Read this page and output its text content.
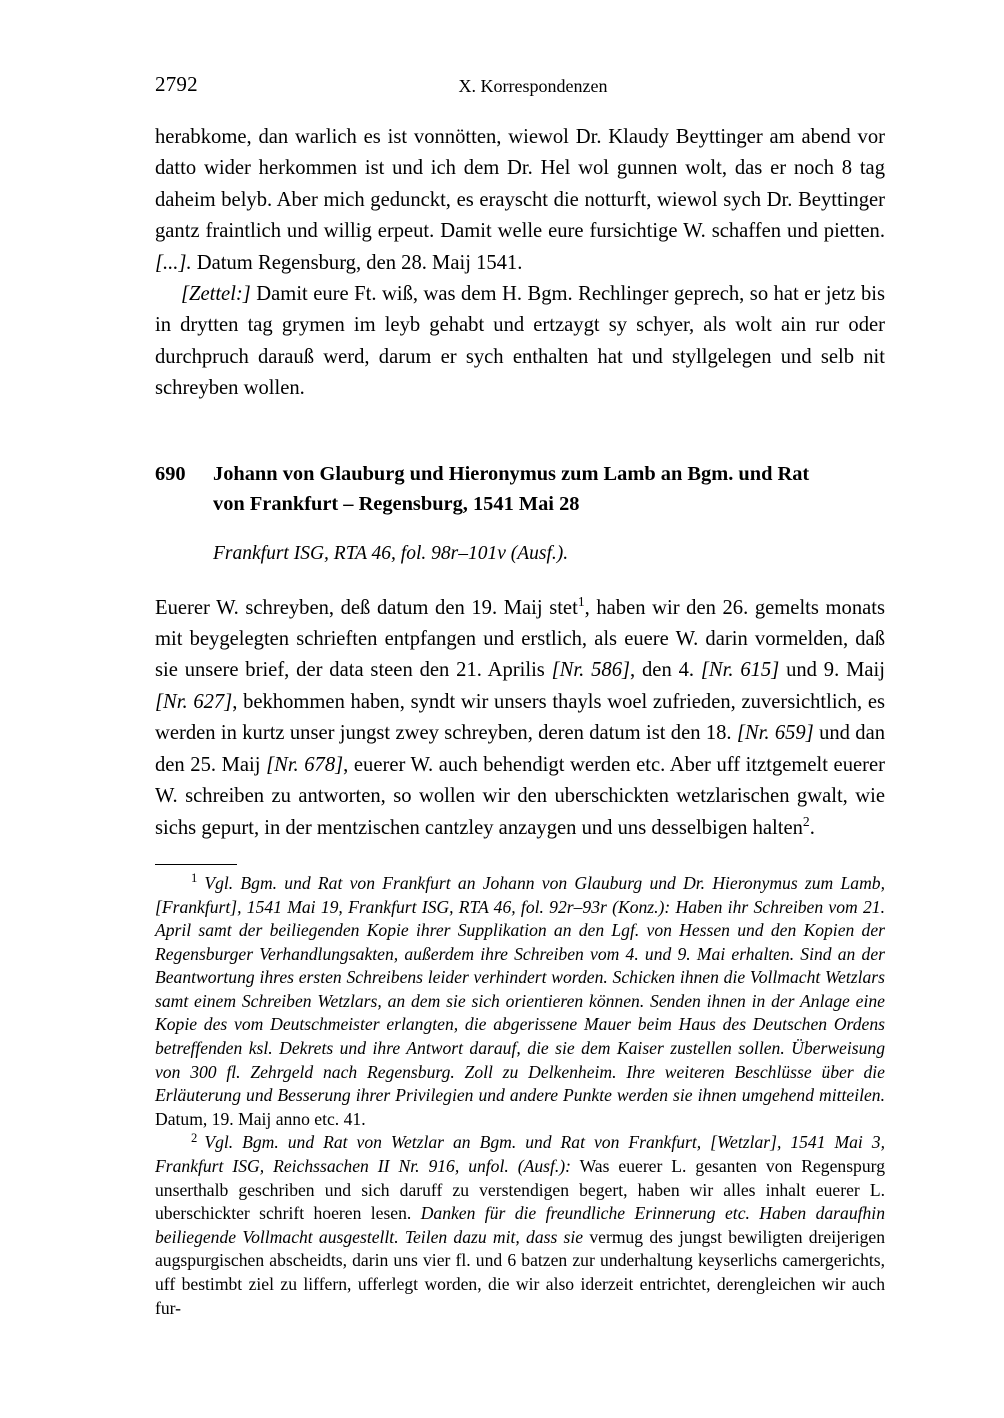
2792	X. Korrespondenzen

herabkome, dan warlich es ist vonnötten, wiewol Dr. Klaudy Beyttinger am abend vor datto wider herkommen ist und ich dem Dr. Hel wol gunnen wolt, das er noch 8 tag daheim belyb. Aber mich gedunckt, es erayscht die notturft, wiewol sych Dr. Beyttinger gantz fraintlich und willig erpeut. Damit welle eure fursichtige W. schaffen und pietten. [...]. Datum Regensburg, den 28. Maij 1541.

[Zettel:] Damit eure Ft. wiß, was dem H. Bgm. Rechlinger geprech, so hat er jetz bis in drytten tag grymen im leyb gehabt und ertzaygt sy schyer, als wolt ain rur oder durchpruch darauß werd, darum er sych enthalten hat und styllgelegen und selb nit schreyben wollen.

690	Johann von Glauburg und Hieronymus zum Lamb an Bgm. und Rat
von Frankfurt – Regensburg, 1541 Mai 28
Frankfurt ISG, RTA 46, fol. 98r–101v (Ausf.).

Euerer W. schreyben, deß datum den 19. Maij stet$^1$, haben wir den 26. gemelts monats mit beygelegten schrieften entpfangen und erstlich, als euere W. darin vormelden, daß sie unsere brief, der data steen den 21. Aprilis [Nr. 586], den 4. [Nr. 615] und 9. Maij [Nr. 627], bekhommen haben, syndt wir unsers thayls woel zufrieden, zuversichtlich, es werden in kurtz unser jungst zwey schreyben, deren datum ist den 18. [Nr. 659] und dan den 25. Maij [Nr. 678], euerer W. auch behendigt werden etc. Aber uff itztgemelt euerer W. schreiben zu antworten, so wollen wir den uberschickten wetzlarischen gwalt, wie sichs gepurt, in der mentzischen cantzley anzaygen und uns desselbigen halten$^2$.

$^1$ Vgl. Bgm. und Rat von Frankfurt an Johann von Glauburg und Dr. Hieronymus zum Lamb, [Frankfurt], 1541 Mai 19, Frankfurt ISG, RTA 46, fol. 92r–93r (Konz.): Haben ihr Schreiben vom 21. April samt der beiliegenden Kopie ihrer Supplikation an den Lgf. von Hessen und den Kopien der Regensburger Verhandlungsakten, außerdem ihre Schreiben vom 4. und 9. Mai erhalten. Sind an der Beantwortung ihres ersten Schreibens leider verhindert worden. Schicken ihnen die Vollmacht Wetzlars samt einem Schreiben Wetzlars, an dem sie sich orientieren können. Senden ihnen in der Anlage eine Kopie des vom Deutschmeister erlangten, die abgerissene Mauer beim Haus des Deutschen Ordens betreffenden ksl. Dekrets und ihre Antwort darauf, die sie dem Kaiser zustellen sollen. Überweisung von 300 fl. Zehrgeld nach Regensburg. Zoll zu Delkenheim. Ihre weiteren Beschlüsse über die Erläuterung und Besserung ihrer Privilegien und andere Punkte werden sie ihnen umgehend mitteilen. Datum, 19. Maij anno etc. 41.

$^2$ Vgl. Bgm. und Rat von Wetzlar an Bgm. und Rat von Frankfurt, [Wetzlar], 1541 Mai 3, Frankfurt ISG, Reichssachen II Nr. 916, unfol. (Ausf.): Was euerer L. gesanten von Regenspurg unserthalb geschriben und sich daruff zu verstendigen begert, haben wir alles inhalt euerer L. uberschickter schrift hoeren lesen. Danken für die freundliche Erinnerung etc. Haben daraufhin beiliegende Vollmacht ausgestellt. Teilen dazu mit, dass sie vermug des jungst bewiligten dreijerigen augspurgischen abscheidts, darin uns vier fl. und 6 batzen zur underhaltung keyserlichs camergerichts, uff bestimbt ziel zu liffern, ufferlegt worden, die wir also iderzeit entrichtet, derengleichen wir auch fur-
